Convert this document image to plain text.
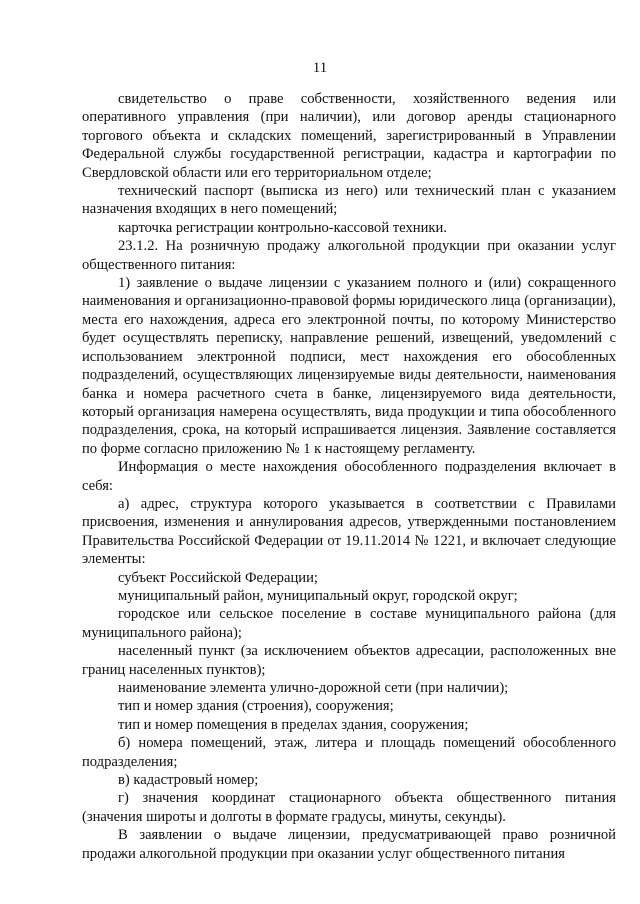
11

свидетельство о праве собственности, хозяйственного ведения или оперативного управления (при наличии), или договор аренды стационарного торгового объекта и складских помещений, зарегистрированный в Управлении Федеральной службы государственной регистрации, кадастра и картографии по Свердловской области или его территориальном отделе;

технический паспорт (выписка из него) или технический план с указанием назначения входящих в него помещений;

карточка регистрации контрольно-кассовой техники.

23.1.2. На розничную продажу алкогольной продукции при оказании услуг общественного питания:

1) заявление о выдаче лицензии с указанием полного и (или) сокращенного наименования и организационно-правовой формы юридического лица (организации), места его нахождения, адреса его электронной почты, по которому Министерство будет осуществлять переписку, направление решений, извещений, уведомлений с использованием электронной подписи, мест нахождения его обособленных подразделений, осуществляющих лицензируемые виды деятельности, наименования банка и номера расчетного счета в банке, лицензируемого вида деятельности, который организация намерена осуществлять, вида продукции и типа обособленного подразделения, срока, на который испрашивается лицензия. Заявление составляется по форме согласно приложению № 1 к настоящему регламенту.

Информация о месте нахождения обособленного подразделения включает в себя:

а) адрес, структура которого указывается в соответствии с Правилами присвоения, изменения и аннулирования адресов, утвержденными постановлением Правительства Российской Федерации от 19.11.2014 № 1221, и включает следующие элементы:

субъект Российской Федерации;

муниципальный район, муниципальный округ, городской округ;

городское или сельское поселение в составе муниципального района (для муниципального района);

населенный пункт (за исключением объектов адресации, расположенных вне границ населенных пунктов);

наименование элемента улично-дорожной сети (при наличии);

тип и номер здания (строения), сооружения;

тип и номер помещения в пределах здания, сооружения;

б) номера помещений, этаж, литера и площадь помещений обособленного подразделения;

в) кадастровый номер;

г) значения координат стационарного объекта общественного питания (значения широты и долготы в формате градусы, минуты, секунды).

В заявлении о выдаче лицензии, предусматривающей право розничной продажи алкогольной продукции при оказании услуг общественного питания
